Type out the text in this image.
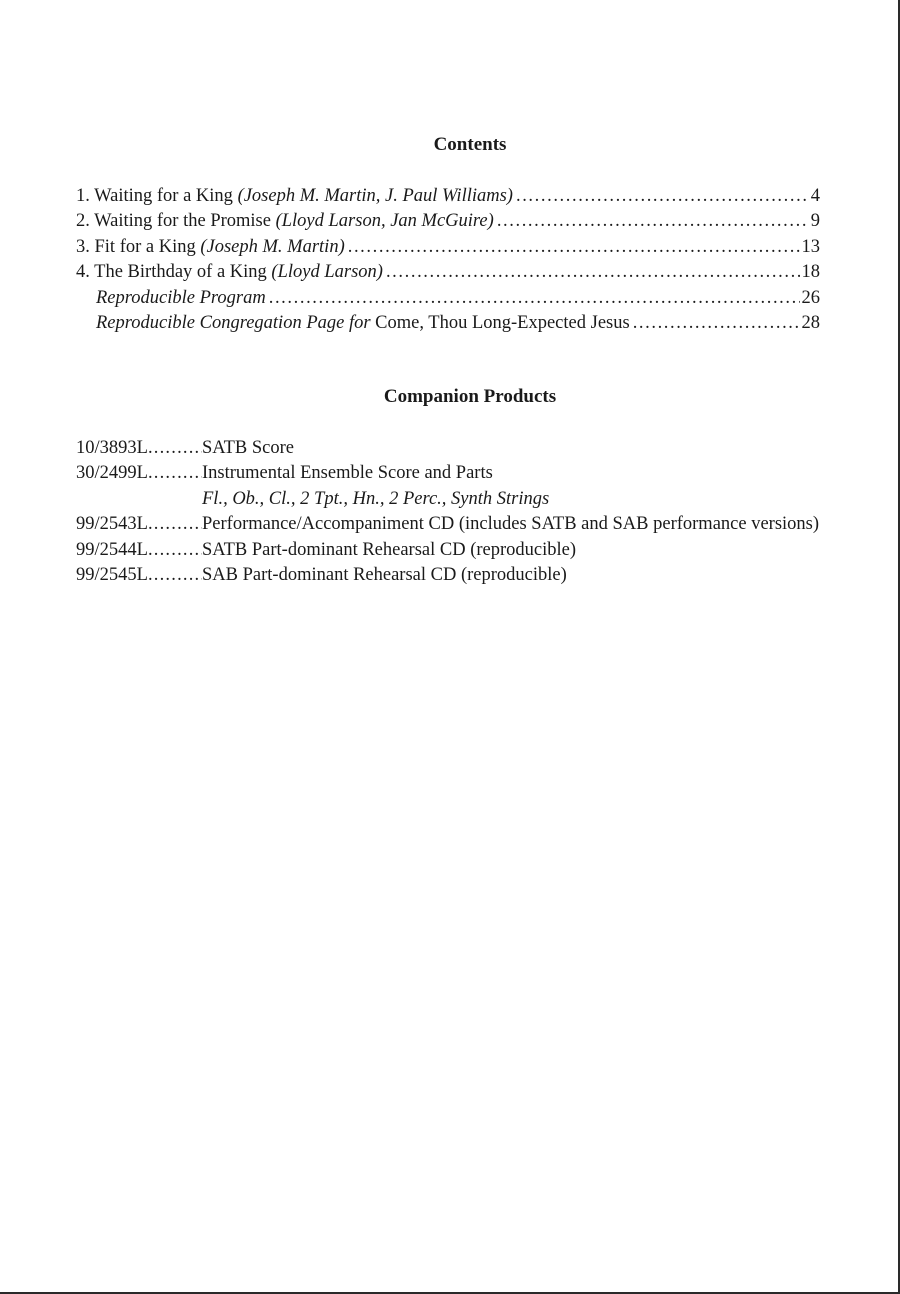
Contents
1. Waiting for a King (Joseph M. Martin, J. Paul Williams) .....	4
2. Waiting for the Promise (Lloyd Larson, Jan McGuire) .....	9
3. Fit for a King (Joseph M. Martin) .....	13
4. The Birthday of a King (Lloyd Larson) .....	18
Reproducible Program .....	26
Reproducible Congregation Page for Come, Thou Long-Expected Jesus .....	28
Companion Products
10/3893L .....	SATB Score
30/2499L .....	Instrumental Ensemble Score and Parts
Fl., Ob., Cl., 2 Tpt., Hn., 2 Perc., Synth Strings
99/2543L .....	Performance/Accompaniment CD (includes SATB and SAB performance versions)
99/2544L .....	SATB Part-dominant Rehearsal CD (reproducible)
99/2545L .....	SAB Part-dominant Rehearsal CD (reproducible)
